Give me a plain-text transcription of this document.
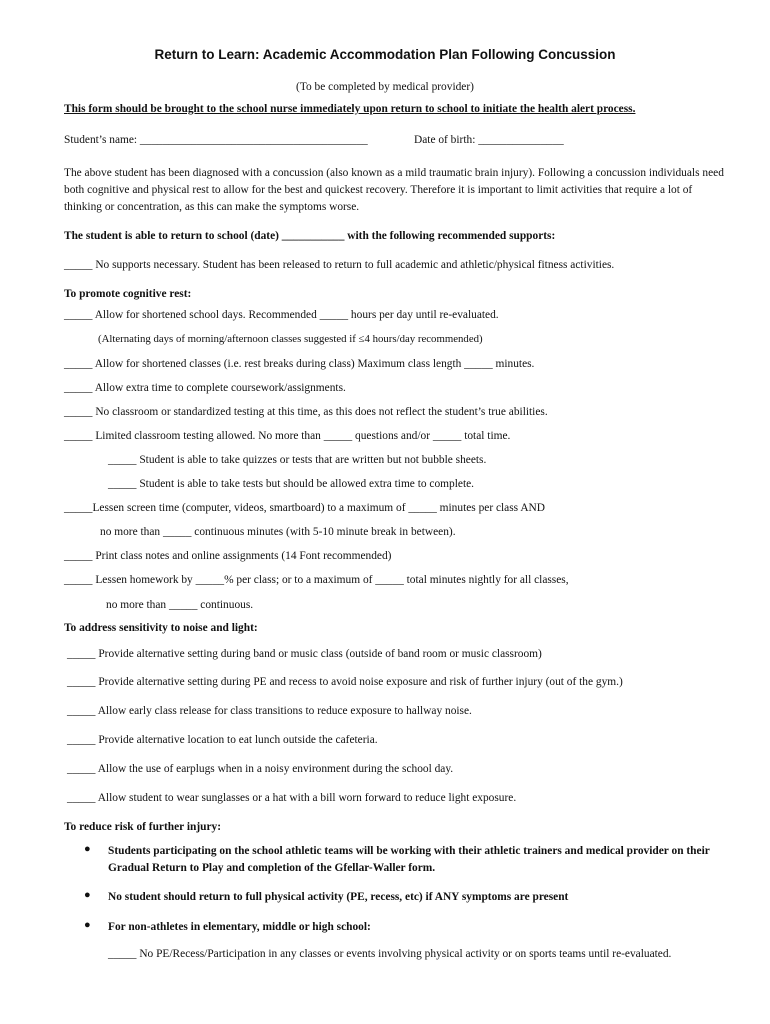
Return to Learn: Academic Accommodation Plan Following Concussion
(To be completed by medical provider)
This form should be brought to the school nurse immediately upon return to school to initiate the health alert process.
Student’s name: ________________________________________	Date of birth: _______________
The above student has been diagnosed with a concussion (also known as a mild traumatic brain injury). Following a concussion individuals need both cognitive and physical rest to allow for the best and quickest recovery. Therefore it is important to limit activities that require a lot of thinking or concentration, as this can make the symptoms worse.
The student is able to return to school (date) ___________ with the following recommended supports:
_____ No supports necessary. Student has been released to return to full academic and athletic/physical fitness activities.
To promote cognitive rest:
_____ Allow for shortened school days. Recommended _____ hours per day until re-evaluated.
(Alternating days of morning/afternoon classes suggested if ≤4 hours/day recommended)
_____ Allow for shortened classes (i.e. rest breaks during class) Maximum class length _____ minutes.
_____ Allow extra time to complete coursework/assignments.
_____ No classroom or standardized testing at this time, as this does not reflect the student’s true abilities.
_____ Limited classroom testing allowed. No more than _____ questions and/or _____ total time.
_____ Student is able to take quizzes or tests that are written but not bubble sheets.
_____ Student is able to take tests but should be allowed extra time to complete.
_____Lessen screen time (computer, videos, smartboard) to a maximum of _____ minutes per class AND
no more than _____ continuous minutes (with 5-10 minute break in between).
_____ Print class notes and online assignments (14 Font recommended)
_____ Lessen homework by _____% per class; or to a maximum of _____ total minutes nightly for all classes,
no more than _____ continuous.
To address sensitivity to noise and light:
_____ Provide alternative setting during band or music class (outside of band room or music classroom)
_____ Provide alternative setting during PE and recess to avoid noise exposure and risk of further injury (out of the gym.)
_____ Allow early class release for class transitions to reduce exposure to hallway noise.
_____ Provide alternative location to eat lunch outside the cafeteria.
_____ Allow the use of earplugs when in a noisy environment during the school day.
_____ Allow student to wear sunglasses or a hat with a bill worn forward to reduce light exposure.
To reduce risk of further injury:
● Students participating on the school athletic teams will be working with their athletic trainers and medical provider on their Gradual Return to Play and completion of the Gfellar-Waller form.
● No student should return to full physical activity (PE, recess, etc) if ANY symptoms are present
● For non-athletes in elementary, middle or high school:
_____ No PE/Recess/Participation in any classes or events involving physical activity or on sports teams until re-evaluated.
